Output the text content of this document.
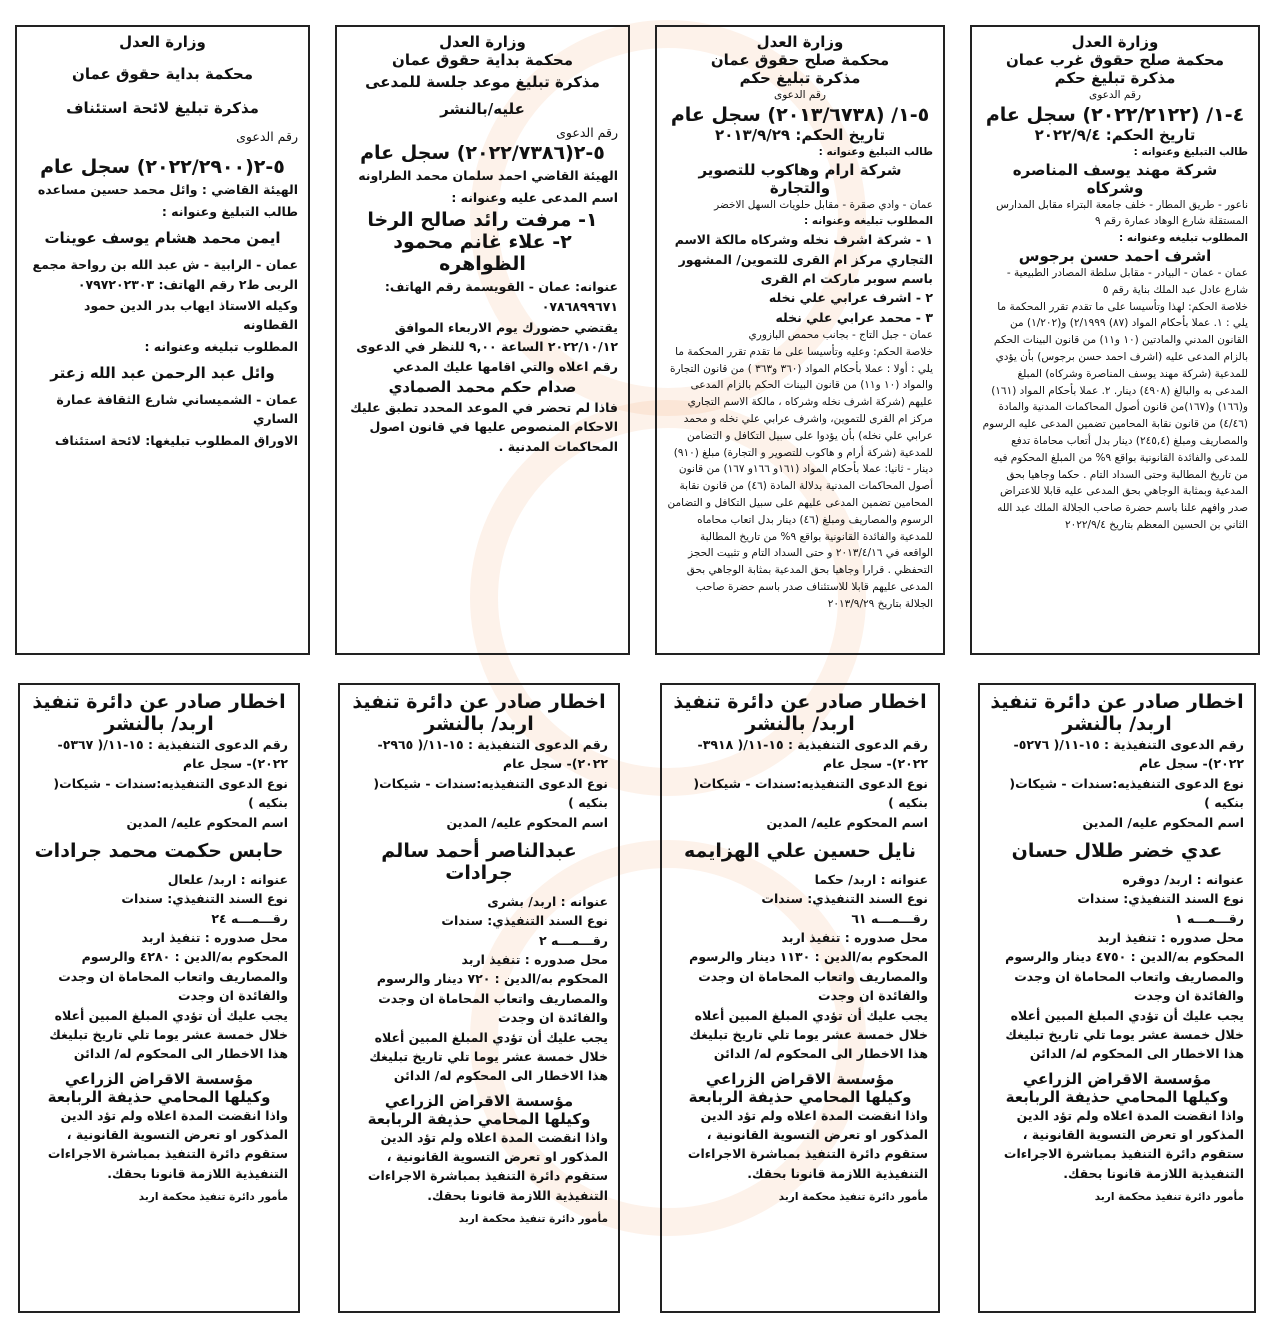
وزارة العدل
محكمة صلح حقوق غرب عمان
مذكرة تبليغ حكم
رقم الدعوى
٤-١/ (٢٠٢٢/٢١٢٢) سجل عام
تاريخ الحكم: ٢٠٢٢/٩/٤
طالب التبليغ وعنوانه :
شركة مهند يوسف المناصره وشركاه
ناعور - طريق المطار - خلف جامعة البتراء مقابل المدارس المستقلة شارع الوهاد عمارة رقم ٩
المطلوب تبليغه وعنوانه :
اشرف احمد حسن برجوس
عمان - عمان - البيادر - مقابل سلطة المصادر الطبيعية - شارع عادل عبد الملك بناية رقم ٥
خلاصة الحكم: لهذا وتأسيسا على ما تقدم تقرر المحكمة ما يلي : ١. عملا بأحكام المواد (٨٧) ٢/١٩٩٩) و(١/٢٠٢) من القانون المدني والمادتين (١٠ و١١) من قانون البينات الحكم بالزام المدعى عليه (اشرف احمد حسن برجوس) بأن يؤدي للمدعية (شركة مهند يوسف المناصرة وشركاه) المبلغ المدعى به والبالغ (٤٩٠٨) دينار. ٢. عملا بأحكام المواد (١٦١) و(١٦٦) و(١٦٧)من قانون أصول المحاكمات المدنية والمادة (٤/٤٦) من قانون نقابة المحامين تضمين المدعى عليه الرسوم والمصاريف ومبلغ (٢٤٥,٤) دينار بدل أتعاب محاماة تدفع للمدعى والفائدة القانونية بواقع ٩% من المبلغ المحكوم فيه من تاريخ المطالبة وحتى السداد التام . حكما وجاهيا بحق المدعية وبمثابة الوجاهي بحق المدعى عليه قابلا للاعتراض صدر وافهم علنا باسم حضرة صاحب الجلالة الملك عبد الله الثاني بن الحسين المعظم بتاريخ ٢٠٢٢/٩/٤
وزارة العدل
محكمة صلح حقوق عمان
مذكرة تبليغ حكم
رقم الدعوى
٥-١/ (٢٠١٣/٦٧٣٨) سجل عام
تاريخ الحكم: ٢٠١٣/٩/٢٩
طالب التبليغ وعنوانه :
شركة ارام وهاكوب للتصوير والتجارة
عمان - وادي صقرة - مقابل حلويات السهل الاخضر
المطلوب تبليغه وعنوانه :
١ - شركة اشرف نخله وشركاه مالكة الاسم التجاري مركز ام القرى للتموين/ المشهور باسم سوبر ماركت ام القرى
٢ - اشرف عرابي علي نخله
٣ - محمد عرابي علي نخله
عمان - جبل التاج - بجانب محمص البازوري
خلاصة الحكم: وعليه وتأسيسا على ما تقدم تقرر المحكمة ما يلي : أولا : عملا بأحكام المواد (٣٦٠ و٣٦٣ ) من قانون التجارة والمواد (١٠ و١١) من قانون البينات الحكم بالزام المدعى عليهم (شركة اشرف نخله وشركاه ، مالكة الاسم التجاري مركز ام القرى للتموين، واشرف عرابي علي نخله و محمد عرابي علي نخله) بأن يؤدوا على سبيل التكافل و التضامن للمدعية (شركة أرام و هاكوب للتصوير و التجارة) مبلغ (٩١٠) دينار - ثانيا: عملا بأحكام المواد (١٦١و ١٦٦و ١٦٧) من قانون أصول المحاكمات المدنية بدلالة المادة (٤٦) من قانون نقابة المحامين تضمين المدعى عليهم على سبيل التكافل و التضامن الرسوم والمصاريف ومبلغ (٤٦) دينار بدل اتعاب محاماه للمدعية والفائدة القانونية بواقع ٩% من تاريخ المطالبة الواقعه في ٢٠١٣/٤/١٦ و حتى السداد التام و تثبيت الحجز التحفظي . قرارا وجاهيا بحق المدعية بمثابة الوجاهي بحق المدعى عليهم قابلا للاستئناف صدر باسم حضرة صاحب الجلالة بتاريخ ٢٠١٣/٩/٢٩
وزارة العدل
محكمة بداية حقوق عمان
مذكرة تبليغ موعد جلسة للمدعى عليه/بالنشر
رقم الدعوى
٥-٢(٢٠٢٢/٧٣٨٦) سجل عام
الهيئة القاضي احمد سلمان محمد الطراونه
اسم المدعى عليه وعنوانه :
١- مرفت رائد صالح الرخا
٢- علاء غانم محمود الظواهره
عنوانه: عمان - القويسمة رقم الهاتف: ٠٧٨٦٨٩٩٦٧١
يقتضي حضورك يوم الاربعاء الموافق ٢٠٢٢/١٠/١٢ الساعة ٩,٠٠ للنظر في الدعوى رقم اعلاه والتي اقامها عليك المدعي
صدام حكم محمد الصمادي
فاذا لم تحضر في الموعد المحدد تطبق عليك الاحكام المنصوص عليها في قانون اصول المحاكمات المدنية .
وزارة العدل
محكمة بداية حقوق عمان
مذكرة تبليغ لائحة استئناف
رقم الدعوى
٥-٢(٢٠٢٢/٢٩٠٠) سجل عام
الهيئة القاضي : وائل محمد حسين مساعده
طالب التبليغ وعنوانه :
ايمن محمد هشام يوسف عوينات
عمان - الرابية - ش عبد الله بن رواحة مجمع الربى ط٢ رقم الهاتف: ٠٧٩٧٢٠٢٣٠٣
وكيله الاستاذ ايهاب بدر الدين حمود القطاونه
المطلوب تبليغه وعنوانه :
وائل عبد الرحمن عبد الله زعتر
عمان - الشميساني شارع الثقافة عمارة الساري
الاوراق المطلوب تبليغها: لائحة استئناف
اخطار صادر عن دائرة تنفيذ
اربد/ بالنشر
رقم الدعوى التنفيذية : ١٥-١١/( ٥٢٧٦- ٢٠٢٢)- سجل عام
نوع الدعوى التنفيذيه:سندات - شيكات( بنكيه )
اسم المحكوم عليه/ المدين
عدي خضر طلال حسان
عنوانه : اربد/ دوقره
نوع السند التنفيذي: سندات
رقـــمـــه ١
محل صدوره : تنفيذ اربد
المحكوم به/الدين : ٤٧٥٠ دينار والرسوم والمصاريف واتعاب المحاماة ان وجدت والفائدة ان وجدت
يجب عليك أن تؤدي المبلغ المبين أعلاه خلال خمسة عشر يوما تلي تاريخ تبليغك هذا الاخطار الى المحكوم له/ الدائن
مؤسسة الاقراض الزراعي
وكيلها المحامي حذيفة الربابعة
واذا انقضت المدة اعلاه ولم تؤد الدين المذكور او تعرض التسوية القانونية ، ستقوم دائرة التنفيذ بمباشرة الاجراءات التنفيذية اللازمة قانونا بحقك.
مأمور دائرة تنفيذ محكمة اربد
اخطار صادر عن دائرة تنفيذ
اربد/ بالنشر
رقم الدعوى التنفيذية : ١٥-١١/( ٣٩١٨- ٢٠٢٢)- سجل عام
نوع الدعوى التنفيذيه:سندات - شيكات( بنكيه )
اسم المحكوم عليه/ المدين
نايل حسين علي الهزايمه
عنوانه : اربد/ حكما
نوع السند التنفيذي: سندات
رقـــمـــه ٦١
محل صدوره : تنفيذ اربد
المحكوم به/الدين : ١١٣٠ دينار والرسوم والمصاريف واتعاب المحاماة ان وجدت والفائدة ان وجدت
يجب عليك أن تؤدي المبلغ المبين أعلاه خلال خمسة عشر يوما تلي تاريخ تبليغك هذا الاخطار الى المحكوم له/ الدائن
مؤسسة الاقراض الزراعي
وكيلها المحامي حذيفة الربابعة
واذا انقضت المدة اعلاه ولم تؤد الدين المذكور او تعرض التسوية القانونية ، ستقوم دائرة التنفيذ بمباشرة الاجراءات التنفيذية اللازمة قانونا بحقك.
مأمور دائرة تنفيذ محكمة اربد
اخطار صادر عن دائرة تنفيذ
اربد/ بالنشر
رقم الدعوى التنفيذية : ١٥-١١/( ٢٩٦٥- ٢٠٢٢)- سجل عام
نوع الدعوى التنفيذيه:سندات - شيكات( بنكيه )
اسم المحكوم عليه/ المدين
عبدالناصر أحمد سالم جرادات
عنوانه : اربد/ بشرى
نوع السند التنفيذي: سندات
رقـــمـــه ٢
محل صدوره : تنفيذ اربد
المحكوم به/الدين : ٧٢٠ دينار والرسوم والمصاريف واتعاب المحاماة ان وجدت والفائدة ان وجدت
يجب عليك أن تؤدي المبلغ المبين أعلاه خلال خمسة عشر يوما تلي تاريخ تبليغك هذا الاخطار الى المحكوم له/ الدائن
مؤسسة الاقراض الزراعي
وكيلها المحامي حذيفة الربابعة
واذا انقضت المدة اعلاه ولم تؤد الدين المذكور او تعرض التسوية القانونية ، ستقوم دائرة التنفيذ بمباشرة الاجراءات التنفيذية اللازمة قانونا بحقك.
مأمور دائرة تنفيذ محكمة اربد
اخطار صادر عن دائرة تنفيذ
اربد/ بالنشر
رقم الدعوى التنفيذية : ١٥-١١/( ٥٣٦٧- ٢٠٢٢)- سجل عام
نوع الدعوى التنفيذيه:سندات - شيكات( بنكيه )
اسم المحكوم عليه/ المدين
حابس حكمت محمد جرادات
عنوانه : اربد/ علعال
نوع السند التنفيذي: سندات
رقـــمـــه ٢٤
محل صدوره : تنفيذ اربد
المحكوم به/الدين : ٤٢٨٠ والرسوم والمصاريف واتعاب المحاماة ان وجدت والفائدة ان وجدت
يجب عليك أن تؤدي المبلغ المبين أعلاه خلال خمسة عشر يوما تلي تاريخ تبليغك هذا الاخطار الى المحكوم له/ الدائن
مؤسسة الاقراض الزراعي
وكيلها المحامي حذيفة الربابعة
واذا انقضت المدة اعلاه ولم تؤد الدين المذكور او تعرض التسوية القانونية ، ستقوم دائرة التنفيذ بمباشرة الاجراءات التنفيذية اللازمة قانونا بحقك.
مأمور دائرة تنفيذ محكمة اربد
